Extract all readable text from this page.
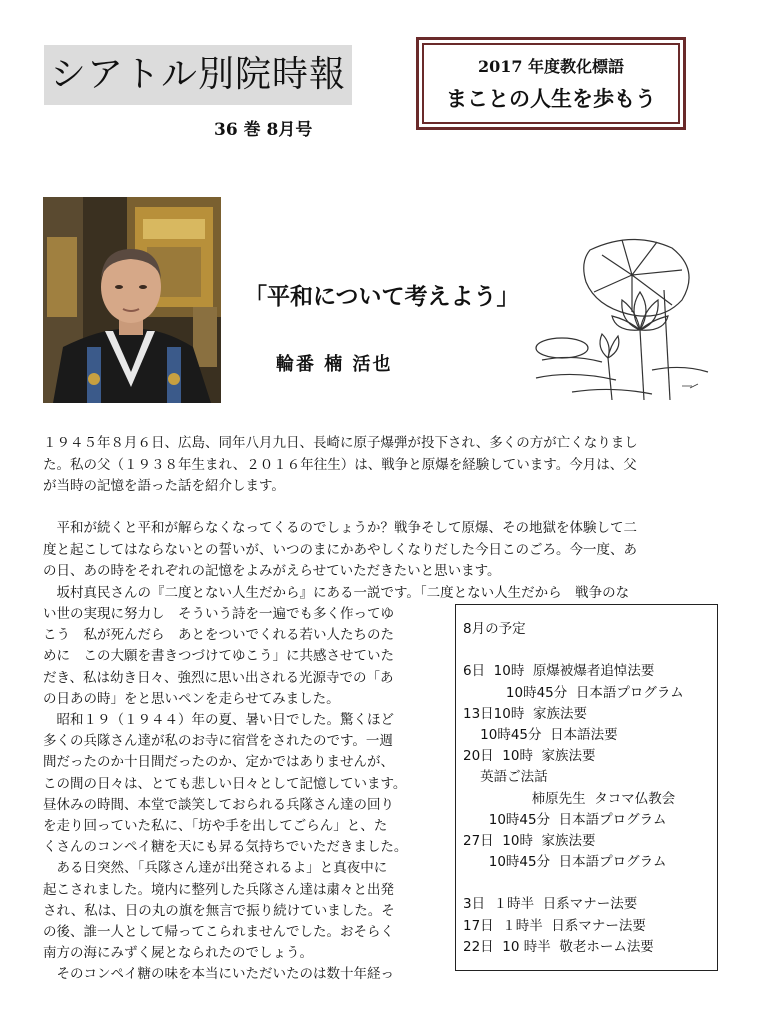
シアトル別院時報
36 巻 8月号
2017 年度教化標語
まことの人生を歩もう
「平和について考えよう」
輪番 楠 活也
１９４５年８月６日、広島、同年八月九日、長崎に原子爆弾が投下され、多くの方が亡くなりまし
た。私の父（１９３８年生まれ、２０１６年往生）は、戦争と原爆を経験しています。今月は、父
が当時の記憶を語った話を紹介します。
　平和が続くと平和が解らなくなってくるのでしょうか？戦争そして原爆、その地獄を体験して二
度と起こしてはならないとの誓いが、いつのまにかあやしくなりだした今日このごろ。今一度、あ
の日、あの時をそれぞれの記憶をよみがえらせていただきたいと思います。
　坂村真民さんの『二度とない人生だから』にある一説です。「二度とない人生だから　戦争のな
い世の実現に努力し　そういう詩を一遍でも多く作ってゆ
こう　私が死んだら　あとをついでくれる若い人たちのた
めに　この大願を書きつづけてゆこう」に共感させていた
だき、私は幼き日々、強烈に思い出される光源寺での「あ
の日あの時」をと思いペンを走らせてみました。
　昭和１９（１９４４）年の夏、暑い日でした。驚くほど
多くの兵隊さん達が私のお寺に宿営をされたのです。一週
間だったのか十日間だったのか、定かではありませんが、
この間の日々は、とても悲しい日々として記憶しています。
昼休みの時間、本堂で談笑しておられる兵隊さん達の回り
を走り回っていた私に、「坊や手を出してごらん」と、た
くさんのコンペイ糖を天にも昇る気持ちでいただきました。
　ある日突然、「兵隊さん達が出発されるよ」と真夜中に
起こされました。境内に整列した兵隊さん達は粛々と出発
され、私は、日の丸の旗を無言で振り続けていました。そ
の後、誰一人として帰ってこられませんでした。おそらく
南方の海にみずく屍となられたのでしょう。
　そのコンペイ糖の味を本当にいただいたのは数十年経っ
8月の予定
6日  10時  原爆被爆者追悼法要
10時45分  日本語プログラム
13日10時  家族法要
10時45分  日本語法要
20日  10時  家族法要
英語ご法話
柿原先生  タコマ仏教会
10時45分  日本語プログラム
27日  10時  家族法要
10時45分  日本語プログラム
3日  １時半  日系マナー法要
17日  １時半  日系マナー法要
22日  10 時半  敬老ホーム法要
